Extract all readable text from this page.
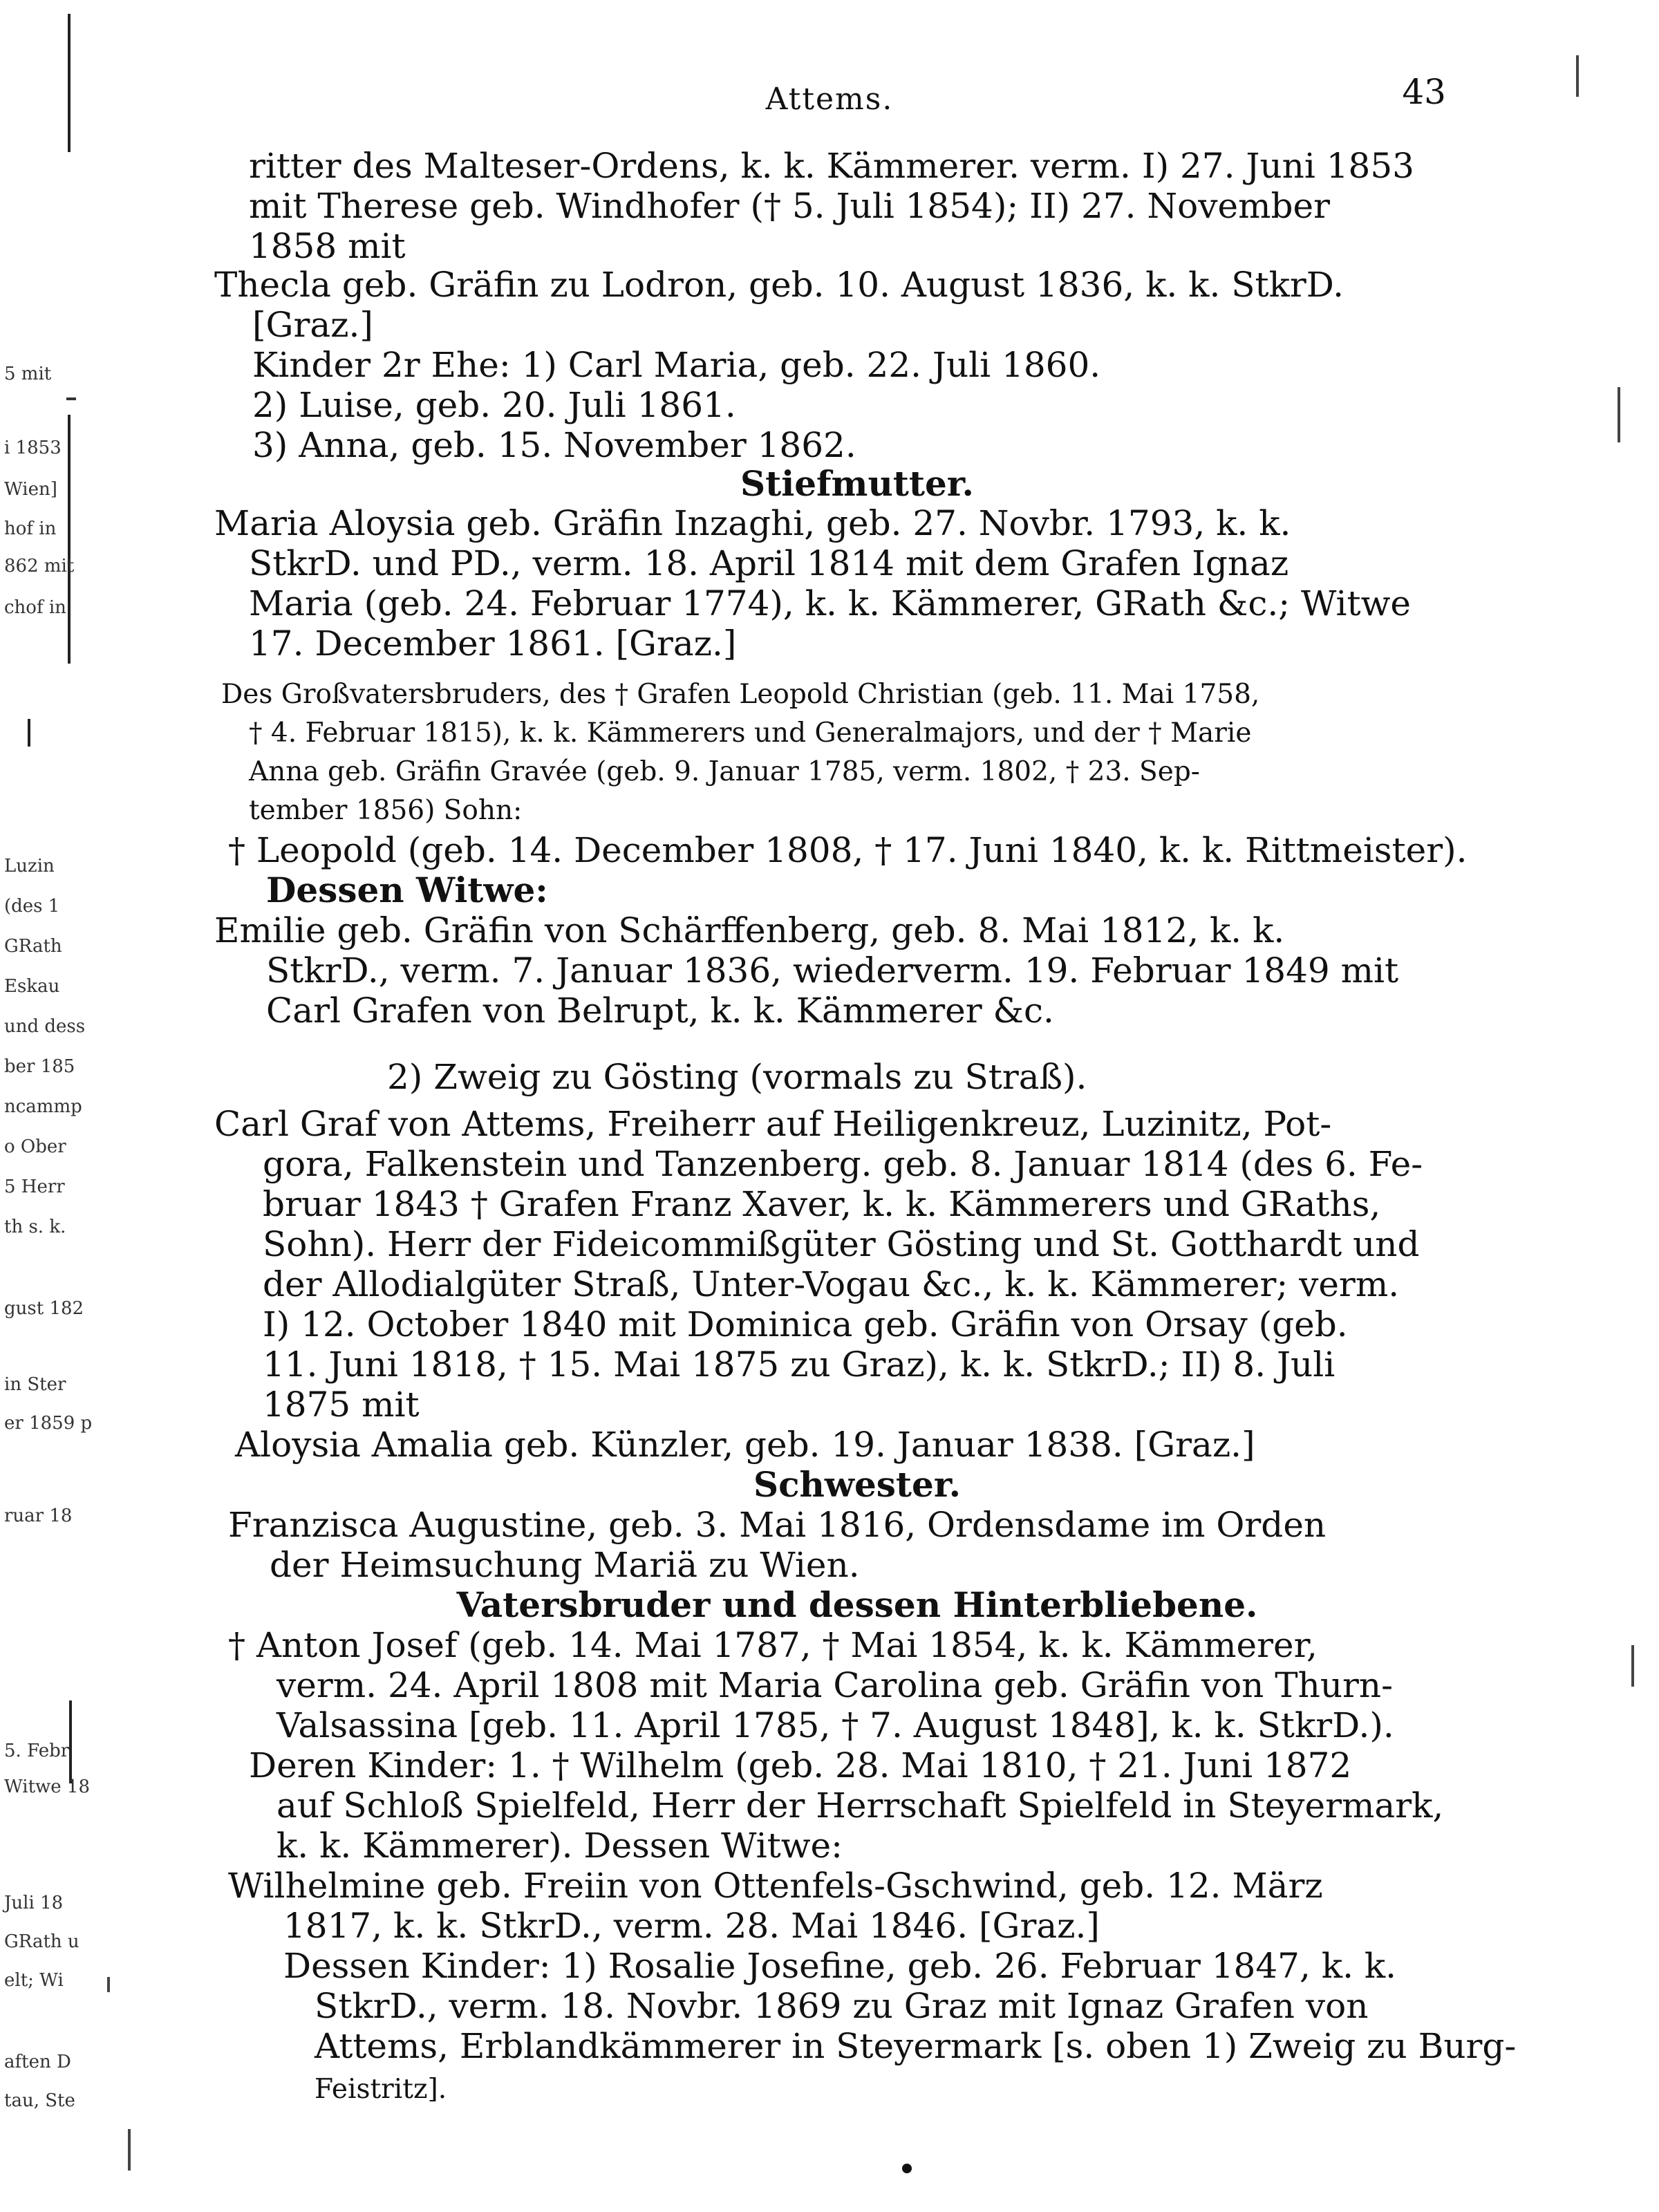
5 mit
i 1853
Wien]
hof in
862 mit
chof in
Luzin
(des 1
GRath
Eskau
und dess
ber 185
ncammp
o Ober
5 Herr
th s. k.
gust 182
in Ster
er 1859 p
ruar 18
5. Febr
Witwe 18
Juli 18
GRath u
elt; Wi
aften D
tau, Ste
Attems.	43
ritter des Malteser-Ordens, k. k. Kämmerer. verm. I) 27. Juni 1853
mit Therese geb. Windhofer († 5. Juli 1854); II) 27. November
1858 mit
Thecla geb. Gräfin zu Lodron, geb. 10. August 1836, k. k. StkrD.
[Graz.]
Kinder 2r Ehe: 1) Carl Maria, geb. 22. Juli 1860.
2) Luise, geb. 20. Juli 1861.
3) Anna, geb. 15. November 1862.
Stiefmutter.
Maria Aloysia geb. Gräfin Inzaghi, geb. 27. Novbr. 1793, k. k.
StkrD. und PD., verm. 18. April 1814 mit dem Grafen Ignaz
Maria (geb. 24. Februar 1774), k. k. Kämmerer, GRath &c.; Witwe
17. December 1861. [Graz.]
Des Großvatersbruders, des † Grafen Leopold Christian (geb. 11. Mai 1758,
† 4. Februar 1815), k. k. Kämmerers und Generalmajors, und der † Marie
Anna geb. Gräfin Gravée (geb. 9. Januar 1785, verm. 1802, † 23. Sep-
tember 1856) Sohn:
† Leopold (geb. 14. December 1808, † 17. Juni 1840, k. k. Rittmeister).
Dessen Witwe:
Emilie geb. Gräfin von Schärffenberg, geb. 8. Mai 1812, k. k.
StkrD., verm. 7. Januar 1836, wiederverm. 19. Februar 1849 mit
Carl Grafen von Belrupt, k. k. Kämmerer &c.
2) Zweig zu Gösting (vormals zu Straß).
Carl Graf von Attems, Freiherr auf Heiligenkreuz, Luzinitz, Pot-
gora, Falkenstein und Tanzenberg. geb. 8. Januar 1814 (des 6. Fe-
bruar 1843 † Grafen Franz Xaver, k. k. Kämmerers und GRaths,
Sohn). Herr der Fideicommißgüter Gösting und St. Gotthardt und
der Allodialgüter Straß, Unter-Vogau &c., k. k. Kämmerer; verm.
I) 12. October 1840 mit Dominica geb. Gräfin von Orsay (geb.
11. Juni 1818, † 15. Mai 1875 zu Graz), k. k. StkrD.; II) 8. Juli
1875 mit
Aloysia Amalia geb. Künzler, geb. 19. Januar 1838. [Graz.]
Schwester.
Franzisca Augustine, geb. 3. Mai 1816, Ordensdame im Orden
der Heimsuchung Mariä zu Wien.
Vatersbruder und dessen Hinterbliebene.
† Anton Josef (geb. 14. Mai 1787, † Mai 1854, k. k. Kämmerer,
verm. 24. April 1808 mit Maria Carolina geb. Gräfin von Thurn-
Valsassina [geb. 11. April 1785, † 7. August 1848], k. k. StkrD.).
Deren Kinder: 1. † Wilhelm (geb. 28. Mai 1810, † 21. Juni 1872
auf Schloß Spielfeld, Herr der Herrschaft Spielfeld in Steyermark,
k. k. Kämmerer). Dessen Witwe:
Wilhelmine geb. Freiin von Ottenfels-Gschwind, geb. 12. März
1817, k. k. StkrD., verm. 28. Mai 1846. [Graz.]
Dessen Kinder: 1) Rosalie Josefine, geb. 26. Februar 1847, k. k.
StkrD., verm. 18. Novbr. 1869 zu Graz mit Ignaz Grafen von
Attems, Erblandkämmerer in Steyermark [s. oben 1) Zweig zu Burg-
Feistritz].
